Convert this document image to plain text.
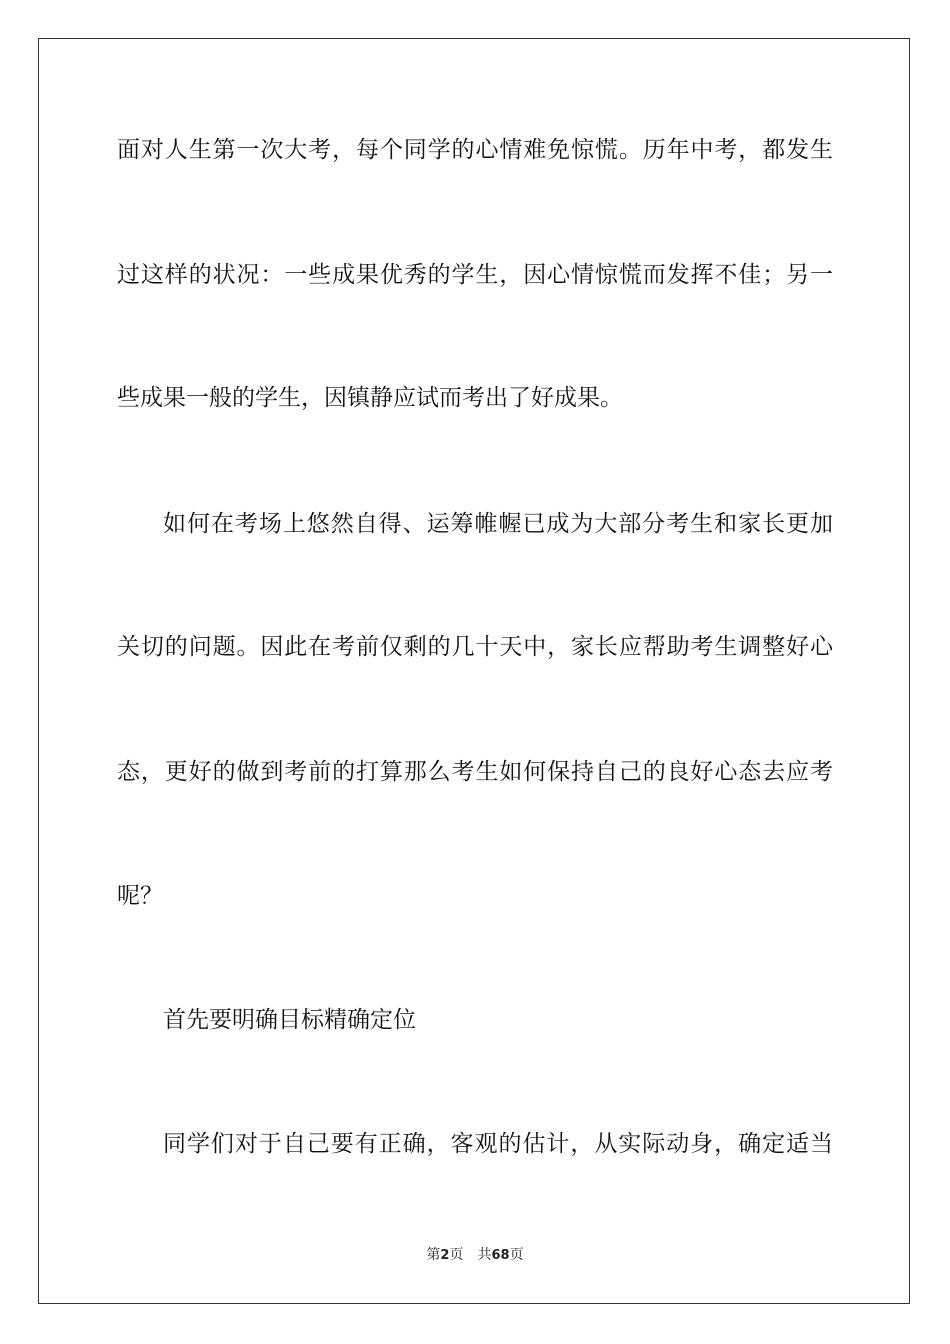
面对人生第一次大考，每个同学的心情难免惊慌。历年中考，都发生
过这样的状况：一些成果优秀的学生，因心情惊慌而发挥不佳；另一
些成果一般的学生，因镇静应试而考出了好成果。
如何在考场上悠然自得、运筹帷幄已成为大部分考生和家长更加
关切的问题。因此在考前仅剩的几十天中，家长应帮助考生调整好心
态，更好的做到考前的打算那么考生如何保持自己的良好心态去应考
呢？
首先要明确目标精确定位
同学们对于自己要有正确，客观的估计，从实际动身，确定适当
第2页 共68页
